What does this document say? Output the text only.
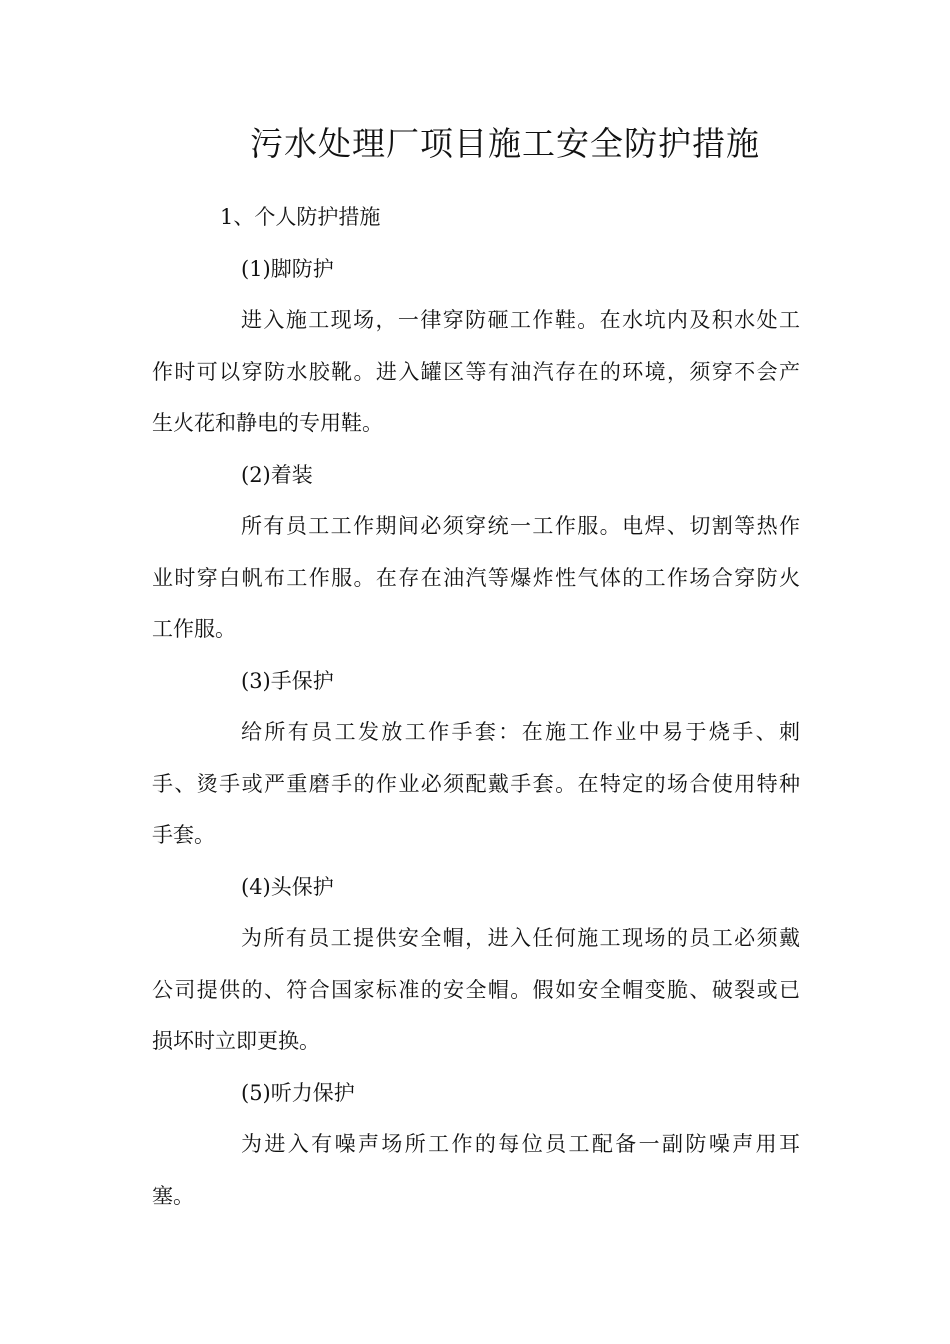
污水处理厂项目施工安全防护措施

1、个人防护措施

(1)脚防护

进入施工现场，一律穿防砸工作鞋。在水坑内及积水处工
作时可以穿防水胶靴。进入罐区等有油汽存在的环境，须穿不会产
生火花和静电的专用鞋。

(2)着装

所有员工工作期间必须穿统一工作服。电焊、切割等热作
业时穿白帆布工作服。在存在油汽等爆炸性气体的工作场合穿防火
工作服。

(3)手保护

给所有员工发放工作手套：在施工作业中易于烧手、刺
手、烫手或严重磨手的作业必须配戴手套。在特定的场合使用特种
手套。

(4)头保护

为所有员工提供安全帽，进入任何施工现场的员工必须戴
公司提供的、符合国家标准的安全帽。假如安全帽变脆、破裂或已
损坏时立即更换。

(5)听力保护

为进入有噪声场所工作的每位员工配备一副防噪声用耳
塞。
